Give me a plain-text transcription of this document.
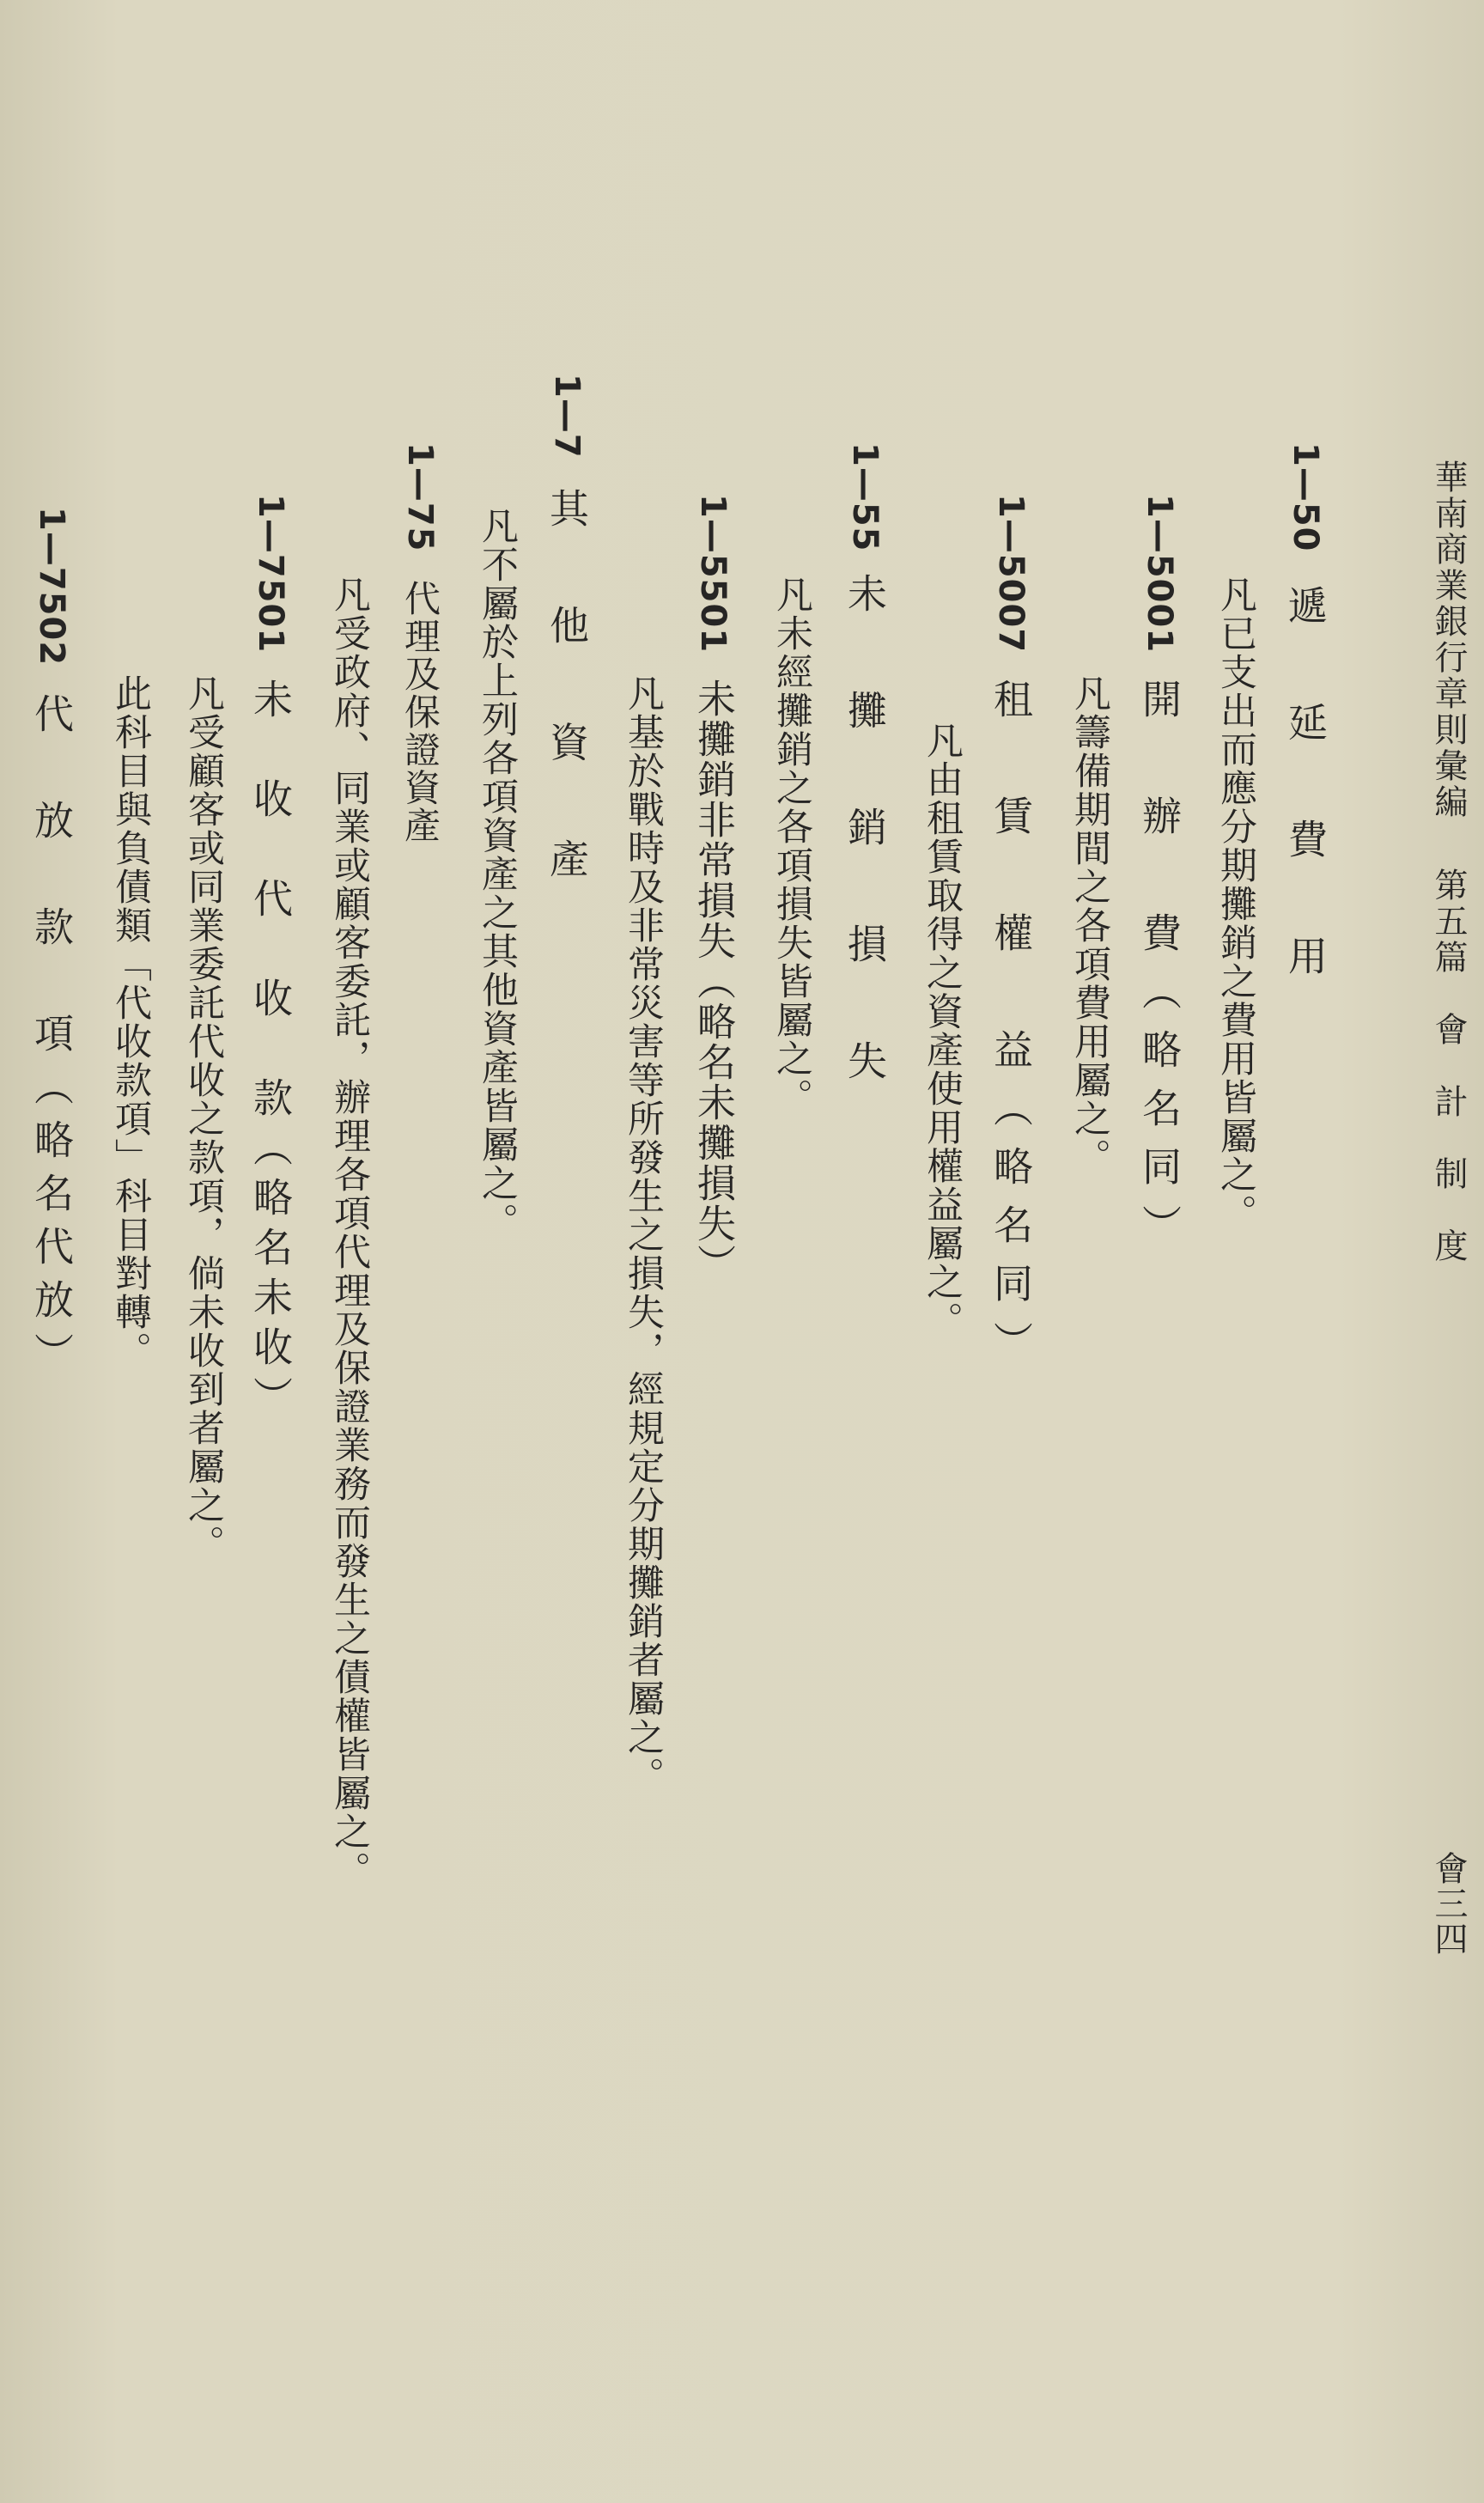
華南商業銀行章則彙編
第五篇　會　計　制　度
會三四
1—50遞　延　費　用
凡已支出而應分期攤銷之費用皆屬之。
1—5001開　辦　費（略名同）
凡籌備期間之各項費用屬之。
1—5007租　賃　權　益（略名同）
凡由租賃取得之資產使用權益屬之。
1—55未　攤　銷　損　失
凡未經攤銷之各項損失皆屬之。
1—5501未攤銷非常損失（略名未攤損失）
凡基於戰時及非常災害等所發生之損失，經規定分期攤銷者屬之。
1—7其　他　資　產
凡不屬於上列各項資產之其他資產皆屬之。
1—75代理及保證資產
凡受政府、同業或顧客委託，辦理各項代理及保證業務而發生之債權皆屬之。
1—7501未　收　代　收　款（略名未收）
凡受顧客或同業委託代收之款項，倘未收到者屬之。
此科目與負債類「代收款項」科目對轉。
1—7502代　放　款　項（略名代放）
